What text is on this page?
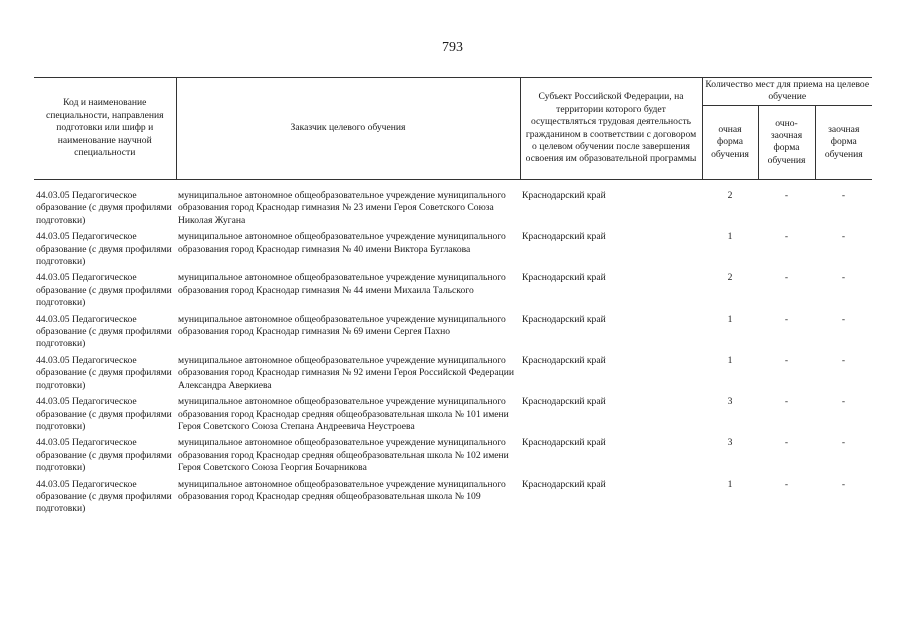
793
Код и наименование специальности, направления подготовки или шифр и наименование научной специальности	Заказчик целевого обучения	Субъект Российской Федерации, на территории которого будет осуществляться трудовая деятельность гражданином в соответствии с договором о целевом обучении после завершения освоения им образовательной программы	Количество мест для приема на целевое обучение		
			очная форма обучения	очно-заочная форма обучения	заочная форма обучения

44.03.05 Педагогическое образование (с двумя профилями подготовки)	муниципальное автономное общеобразовательное учреждение муниципального образования город Краснодар гимназия № 23 имени Героя Советского Союза Николая Жугана	Краснодарский край	2	-	-
44.03.05 Педагогическое образование (с двумя профилями подготовки)	муниципальное автономное общеобразовательное учреждение муниципального образования город Краснодар гимназия № 40 имени Виктора Буглакова	Краснодарский край	1	-	-
44.03.05 Педагогическое образование (с двумя профилями подготовки)	муниципальное автономное общеобразовательное учреждение муниципального образования город Краснодар гимназия № 44 имени Михаила Тальского	Краснодарский край	2	-	-
44.03.05 Педагогическое образование (с двумя профилями подготовки)	муниципальное автономное общеобразовательное учреждение муниципального образования город Краснодар гимназия № 69 имени Сергея Пахно	Краснодарский край	1	-	-
44.03.05 Педагогическое образование (с двумя профилями подготовки)	муниципальное автономное общеобразовательное учреждение муниципального образования город Краснодар гимназия № 92 имени Героя Российской Федерации Александра Аверкиева	Краснодарский край	1	-	-
44.03.05 Педагогическое образование (с двумя профилями подготовки)	муниципальное автономное общеобразовательное учреждение муниципального образования город Краснодар средняя общеобразовательная школа № 101 имени Героя Советского Союза Степана Андреевича Неустроева	Краснодарский край	3	-	-
44.03.05 Педагогическое образование (с двумя профилями подготовки)	муниципальное автономное общеобразовательное учреждение муниципального образования город Краснодар средняя общеобразовательная школа № 102 имени Героя Советского Союза Георгия Бочарникова	Краснодарский край	3	-	-
44.03.05 Педагогическое образование (с двумя профилями подготовки)	муниципальное автономное общеобразовательное учреждение муниципального образования город Краснодар средняя общеобразовательная школа № 109	Краснодарский край	1	-	-
